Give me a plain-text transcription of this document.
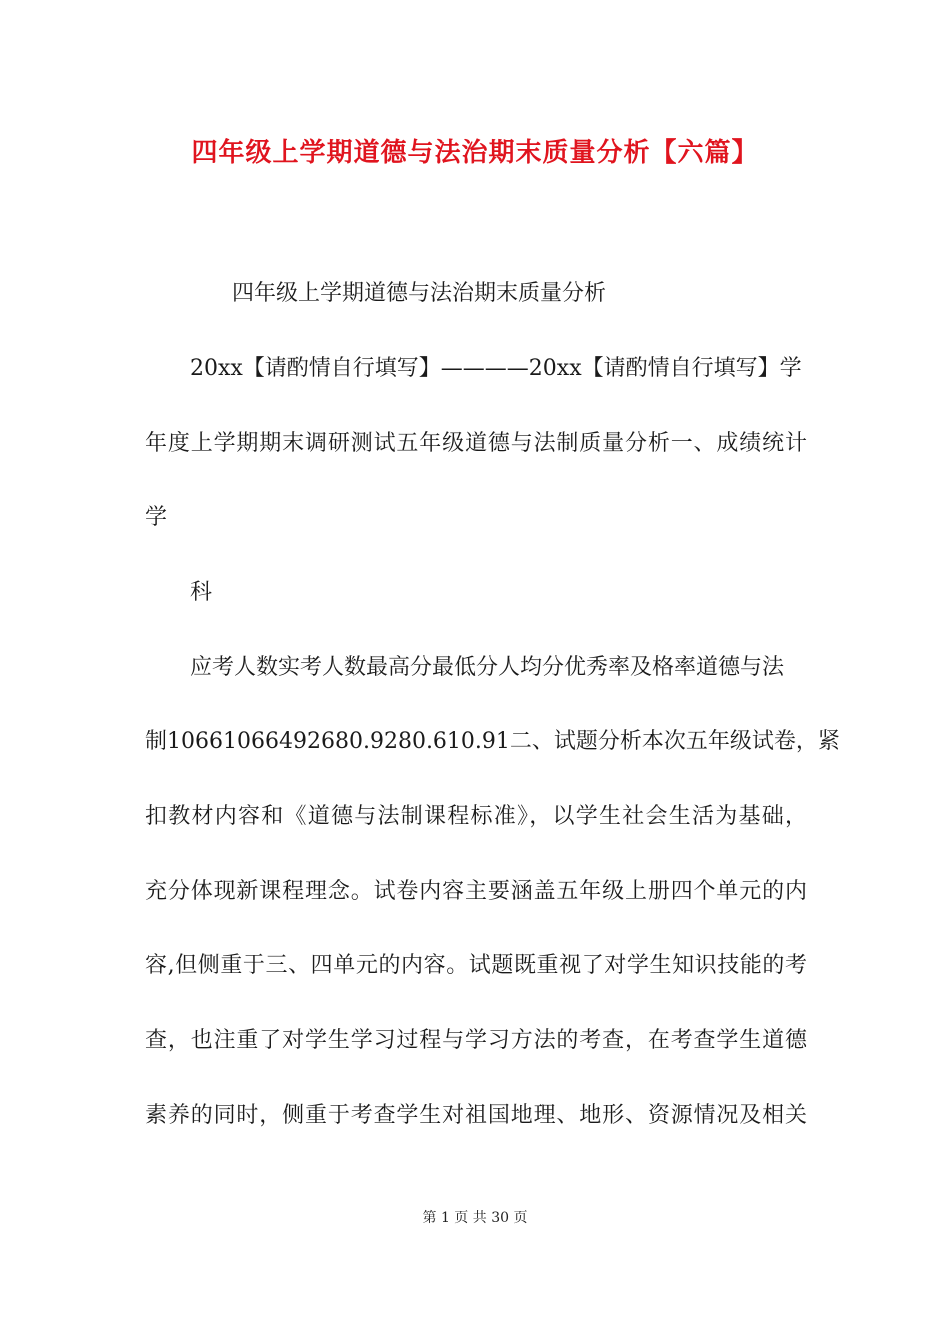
四年级上学期道德与法治期末质量分析【六篇】
四年级上学期道德与法治期末质量分析
20xx【请酌情自行填写】————20xx【请酌情自行填写】学
年度上学期期末调研测试五年级道德与法制质量分析一、成绩统计
学
科
应考人数实考人数最高分最低分人均分优秀率及格率道德与法
制10661066492680.9280.610.91二、试题分析本次五年级试卷，紧
扣教材内容和《道德与法制课程标准》，以学生社会生活为基础，
充分体现新课程理念。试卷内容主要涵盖五年级上册四个单元的内
容,但侧重于三、四单元的内容。试题既重视了对学生知识技能的考
查，也注重了对学生学习过程与学习方法的考查，在考查学生道德
素养的同时，侧重于考查学生对祖国地理、地形、资源情况及相关
第 1 页 共 30 页
